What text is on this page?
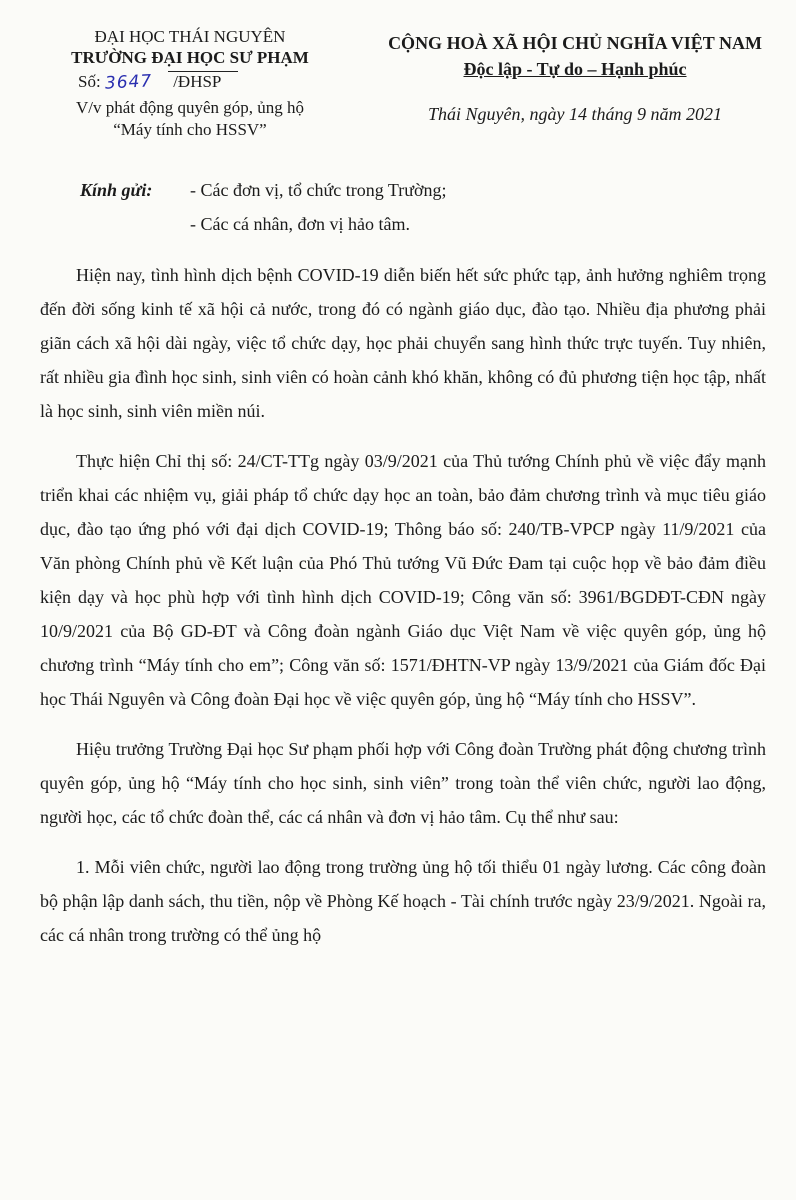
ĐẠI HỌC THÁI NGUYÊN
TRƯỜNG ĐẠI HỌC SƯ PHẠM
Số: 3647 /ĐHSP
V/v phát động quyên góp, ủng hộ
“Máy tính cho HSSV”
CỘNG HOÀ XÃ HỘI CHỦ NGHĨA VIỆT NAM
Độc lập - Tự do – Hạnh phúc
Thái Nguyên, ngày 14 tháng 9 năm 2021
Kính gửi: - Các đơn vị, tổ chức trong Trường;
- Các cá nhân, đơn vị hảo tâm.

Hiện nay, tình hình dịch bệnh COVID-19 diễn biến hết sức phức tạp, ảnh hưởng nghiêm trọng đến đời sống kinh tế xã hội cả nước, trong đó có ngành giáo dục, đào tạo. Nhiều địa phương phải giãn cách xã hội dài ngày, việc tổ chức dạy, học phải chuyển sang hình thức trực tuyến. Tuy nhiên, rất nhiều gia đình học sinh, sinh viên có hoàn cảnh khó khăn, không có đủ phương tiện học tập, nhất là học sinh, sinh viên miền núi.

Thực hiện Chỉ thị số: 24/CT-TTg ngày 03/9/2021 của Thủ tướng Chính phủ về việc đẩy mạnh triển khai các nhiệm vụ, giải pháp tổ chức dạy học an toàn, bảo đảm chương trình và mục tiêu giáo dục, đào tạo ứng phó với đại dịch COVID-19; Thông báo số: 240/TB-VPCP ngày 11/9/2021 của Văn phòng Chính phủ về Kết luận của Phó Thủ tướng Vũ Đức Đam tại cuộc họp về bảo đảm điều kiện dạy và học phù hợp với tình hình dịch COVID-19; Công văn số: 3961/BGDĐT-CĐN ngày 10/9/2021 của Bộ GD-ĐT và Công đoàn ngành Giáo dục Việt Nam về việc quyên góp, ủng hộ chương trình “Máy tính cho em”; Công văn số: 1571/ĐHTN-VP ngày 13/9/2021 của Giám đốc Đại học Thái Nguyên và Công đoàn Đại học về việc quyên góp, ủng hộ “Máy tính cho HSSV”.

Hiệu trưởng Trường Đại học Sư phạm phối hợp với Công đoàn Trường phát động chương trình quyên góp, ủng hộ “Máy tính cho học sinh, sinh viên” trong toàn thể viên chức, người lao động, người học, các tổ chức đoàn thể, các cá nhân và đơn vị hảo tâm. Cụ thể như sau:

1. Mỗi viên chức, người lao động trong trường ủng hộ tối thiểu 01 ngày lương. Các công đoàn bộ phận lập danh sách, thu tiền, nộp về Phòng Kế hoạch - Tài chính trước ngày 23/9/2021. Ngoài ra, các cá nhân trong trường có thể ủng hộ
